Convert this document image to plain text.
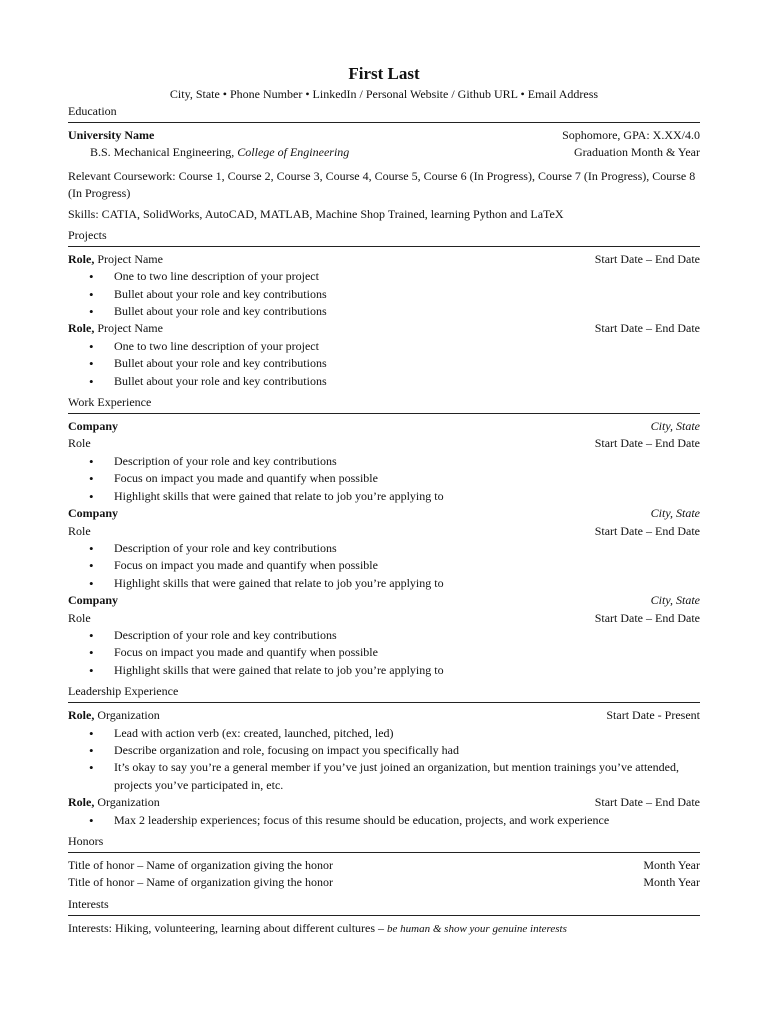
First Last
City, State • Phone Number • LinkedIn / Personal Website / Github URL • Email Address
Education
University Name	Sophomore, GPA: X.XX/4.0
B.S. Mechanical Engineering, College of Engineering	Graduation Month & Year
Relevant Coursework: Course 1, Course 2, Course 3, Course 4, Course 5, Course 6 (In Progress), Course 7 (In Progress), Course 8 (In Progress)
Skills: CATIA, SolidWorks, AutoCAD, MATLAB, Machine Shop Trained, learning Python and LaTeX
Projects
Role, Project Name	Start Date – End Date
• One to two line description of your project
• Bullet about your role and key contributions
• Bullet about your role and key contributions
Role, Project Name	Start Date – End Date
• One to two line description of your project
• Bullet about your role and key contributions
• Bullet about your role and key contributions
Work Experience
Company	City, State
Role	Start Date – End Date
• Description of your role and key contributions
• Focus on impact you made and quantify when possible
• Highlight skills that were gained that relate to job you’re applying to
Company	City, State
Role	Start Date – End Date
• Description of your role and key contributions
• Focus on impact you made and quantify when possible
• Highlight skills that were gained that relate to job you’re applying to
Company	City, State
Role	Start Date – End Date
• Description of your role and key contributions
• Focus on impact you made and quantify when possible
• Highlight skills that were gained that relate to job you’re applying to
Leadership Experience
Role, Organization	Start Date - Present
• Lead with action verb (ex: created, launched, pitched, led)
• Describe organization and role, focusing on impact you specifically had
• It’s okay to say you’re a general member if you’ve just joined an organization, but mention trainings you’ve attended, projects you’ve participated in, etc.
Role, Organization	Start Date – End Date
• Max 2 leadership experiences; focus of this resume should be education, projects, and work experience
Honors
Title of honor – Name of organization giving the honor	Month Year
Title of honor – Name of organization giving the honor	Month Year
Interests
Interests: Hiking, volunteering, learning about different cultures – be human & show your genuine interests
